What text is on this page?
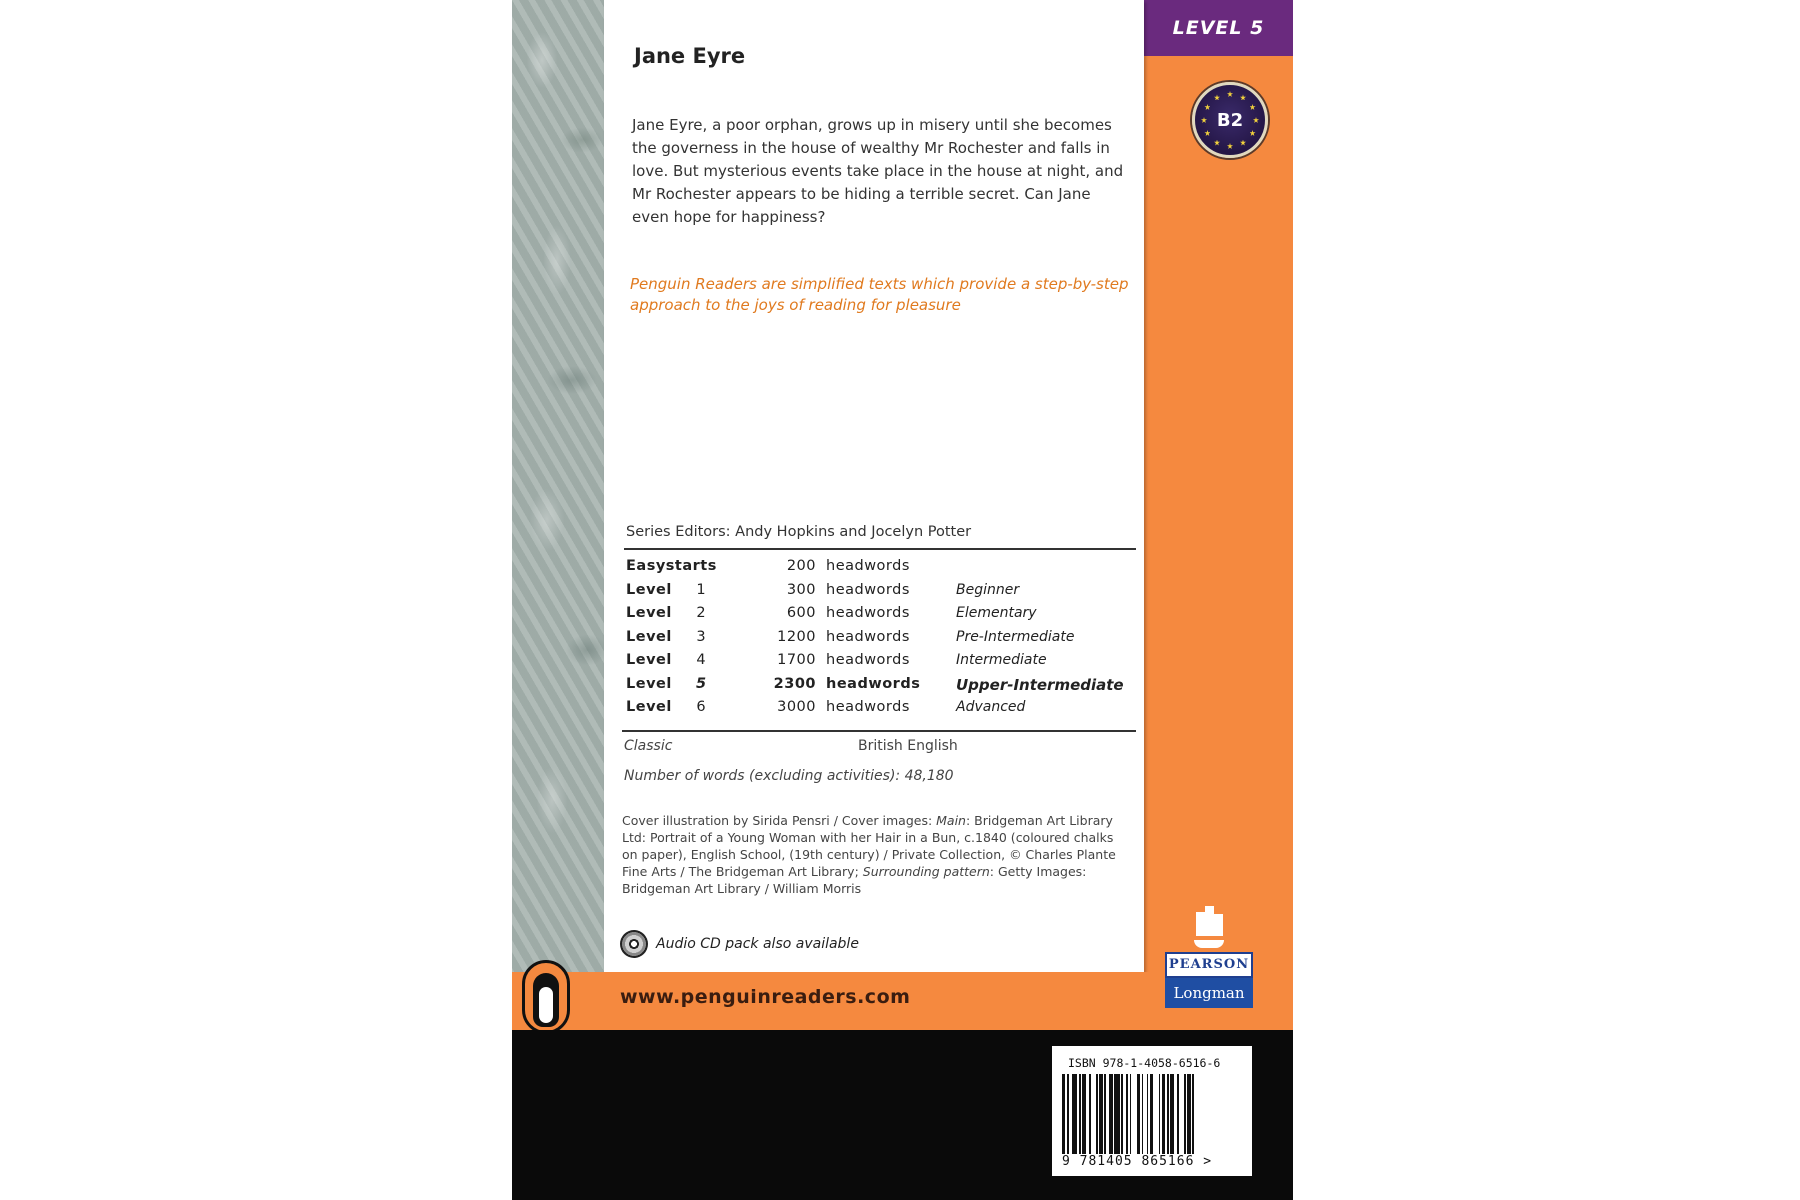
LEVEL 5
B2
Jane Eyre
Jane Eyre, a poor orphan, grows up in misery until she becomes the governess in the house of wealthy Mr Rochester and falls in love. But mysterious events take place in the house at night, and Mr Rochester appears to be hiding a terrible secret. Can Jane even hope for happiness?
Penguin Readers are simplified texts which provide a step-by-step approach to the joys of reading for pleasure
Series Editors: Andy Hopkins and Jocelyn Potter
Easystarts	200 headwords
Level 1	300 headwords	Beginner
Level 2	600 headwords	Elementary
Level 3	1200 headwords	Pre-Intermediate
Level 4	1700 headwords	Intermediate
Level 5	2300 headwords Upper-Intermediate
Level 6	3000 headwords	Advanced
Classic	British English
Number of words (excluding activities): 48,180
Cover illustration by Sirida Pensri / Cover images: Main: Bridgeman Art Library Ltd: Portrait of a Young Woman with her Hair in a Bun, c.1840 (coloured chalks on paper), English School, (19th century) / Private Collection, © Charles Plante Fine Arts / The Bridgeman Art Library; Surrounding pattern: Getty Images: Bridgeman Art Library / William Morris
Audio CD pack also available
www.penguinreaders.com
PEARSON
Longman
ISBN 978-1-4058-6516-6
9 781405 865166 >
